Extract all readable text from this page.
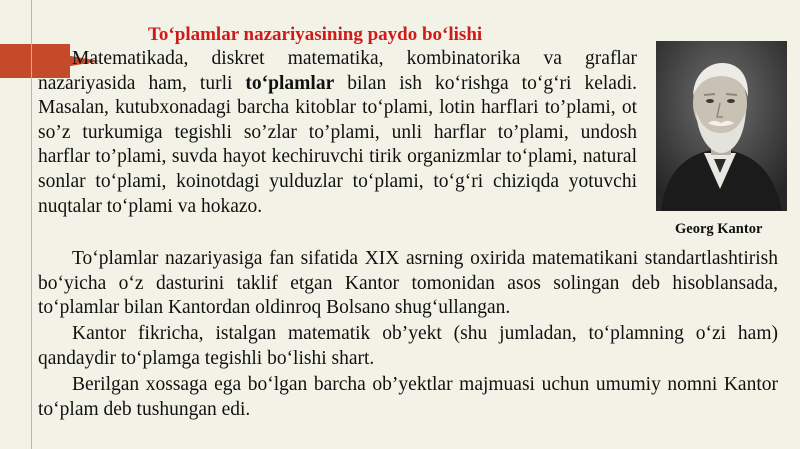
To‘plamlar nazariyasining paydo bo‘lishi
Matematikada, diskret matematika, kombinatorika va graflar nazariyasida ham, turli to‘plamlar bilan ish ko‘rishga to‘g‘ri keladi. Masalan, kutubxonadagi barcha kitoblar to‘plami, lotin harflari to’plami, ot so’z turkumiga tegishli so’zlar to’plami, unli harflar to’plami, undosh harflar to’plami, suvda hayot kechiruvchi tirik organizmlar to‘plami, natural sonlar to‘plami, koinotdagi yulduzlar to‘plami, to‘g‘ri chiziqda yotuvchi nuqtalar to‘plami va hokazo.
Georg Kantor
To‘plamlar nazariyasiga fan sifatida XIX asrning oxirida matematikani standartlashtirish bo‘yicha o‘z dasturini taklif etgan Kantor tomonidan asos solingan deb hisoblansada, to‘plamlar bilan Kantordan oldinroq Bolsano shug‘ullangan.
Kantor fikricha, istalgan matematik ob’yekt (shu jumladan, to‘plamning o‘zi ham) qandaydir to‘plamga tegishli bo‘lishi shart.
Berilgan xossaga ega bo‘lgan barcha ob’yektlar majmuasi uchun umumiy nomni Kantor to‘plam deb tushungan edi.
